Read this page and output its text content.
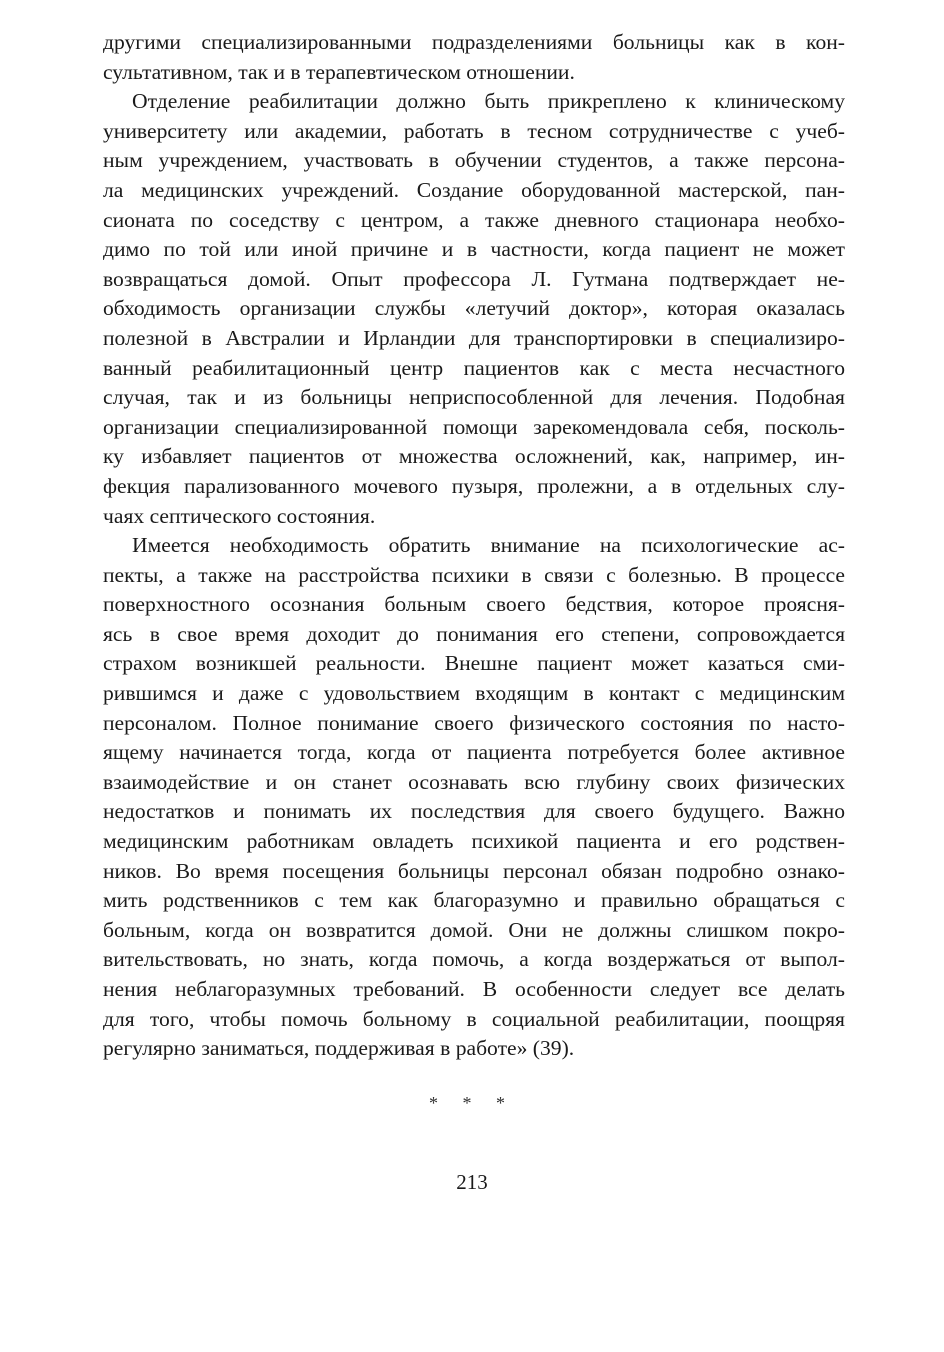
другими специализированными подразделениями больницы как в кон-
сультативном, так и в терапевтическом отношении.
Отделение реабилитации должно быть прикреплено к клиническому
университету или академии, работать в тесном сотрудничестве с учеб-
ным учреждением, участвовать в обучении студентов, а также персона-
ла медицинских учреждений. Создание оборудованной мастерской, пан-
сионата по соседству с центром, а также дневного стационара необхо-
димо по той или иной причине и в частности, когда пациент не может
возвращаться домой. Опыт профессора Л. Гутмана подтверждает не-
обходимость организации службы «летучий доктор», которая оказалась
полезной в Австралии и Ирландии для транспортировки в специализиро-
ванный реабилитационный центр пациентов как с места несчастного
случая, так и из больницы неприспособленной для лечения. Подобная
организации специализированной помощи зарекомендовала себя, посколь-
ку избавляет пациентов от множества осложнений, как, например, ин-
фекция парализованного мочевого пузыря, пролежни, а в отдельных слу-
чаях септического состояния.
Имеется необходимость обратить внимание на психологические ас-
пекты, а также на расстройства психики в связи с болезнью. В процессе
поверхностного осознания больным своего бедствия, которое проясня-
ясь в свое время доходит до понимания его степени, сопровождается
страхом возникшей реальности. Внешне пациент может казаться сми-
рившимся и даже с удовольствием входящим в контакт с медицинским
персоналом. Полное понимание своего физического состояния по насто-
ящему начинается тогда, когда от пациента потребуется более активное
взаимодействие и он станет осознавать всю глубину своих физических
недостатков и понимать их последствия для своего будущего. Важно
медицинским работникам овладеть психикой пациента и его родствен-
ников. Во время посещения больницы персонал обязан подробно ознако-
мить родственников с тем как благоразумно и правильно обращаться с
больным, когда он возвратится домой. Они не должны слишком покро-
вительствовать, но знать, когда помочь, а когда воздержаться от выпол-
нения неблагоразумных требований. В особенности следует все делать
для того, чтобы помочь больному в социальной реабилитации, поощряя
регулярно заниматься, поддерживая в работе» (39).
* * *
213
